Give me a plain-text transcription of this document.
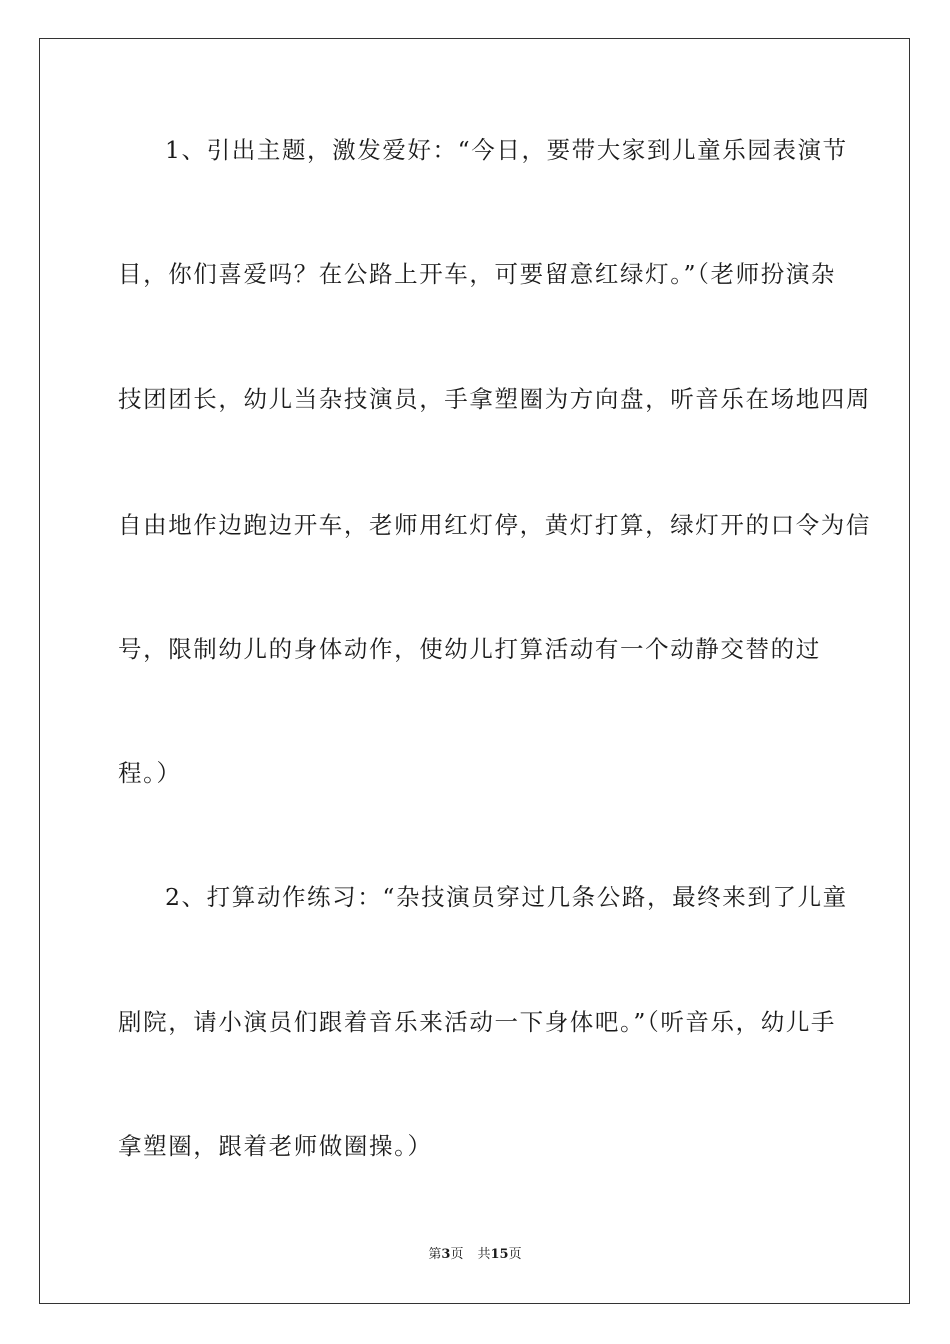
1、引出主题，激发爱好：“今日，要带大家到儿童乐园表演节
目，你们喜爱吗？在公路上开车，可要留意红绿灯。”（老师扮演杂
技团团长，幼儿当杂技演员，手拿塑圈为方向盘，听音乐在场地四周
自由地作边跑边开车，老师用红灯停，黄灯打算，绿灯开的口令为信
号，限制幼儿的身体动作，使幼儿打算活动有一个动静交替的过
程。）
2、打算动作练习：“杂技演员穿过几条公路，最终来到了儿童
剧院，请小演员们跟着音乐来活动一下身体吧。”（听音乐，幼儿手
拿塑圈，跟着老师做圈操。）
第3页 共15页
